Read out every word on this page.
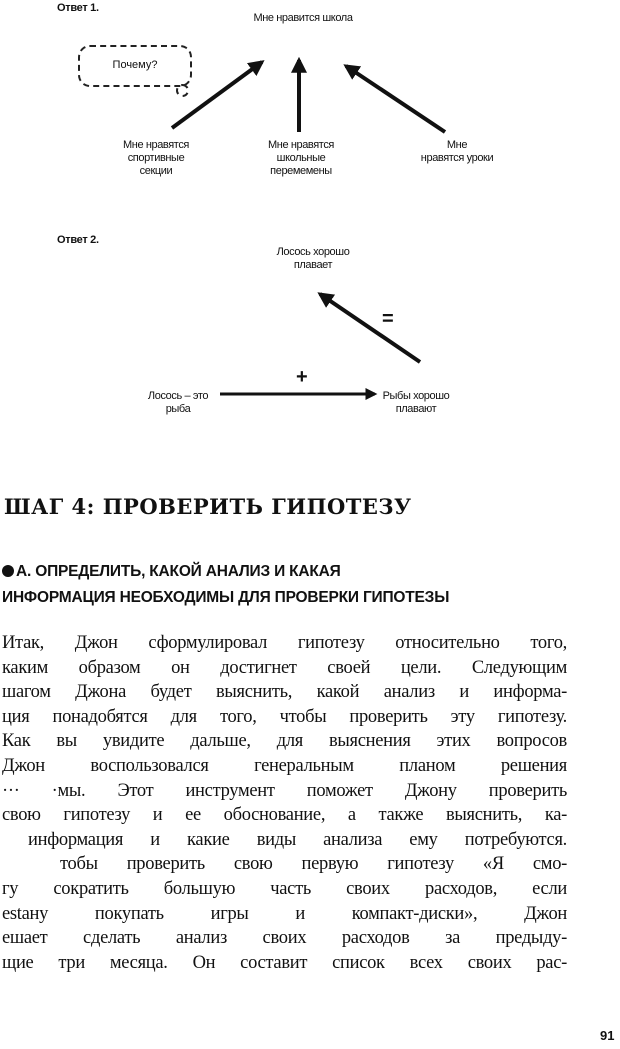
Ответ 1.
Мне нравится школа
Почему?
Мне нравятся
спортивные
секции
Мне нравятся
школьные
перемемены
Мне
нравятся уроки
Ответ 2.
Лосось хорошо
плавает
=
+
Лосось – это
рыба
Рыбы хорошо
плавают
ШАГ 4: ПРОВЕРИТЬ ГИПОТЕЗУ
А. ОПРЕДЕЛИТЬ, КАКОЙ АНАЛИЗ И КАКАЯ
ИНФОРМАЦИЯ НЕОБХОДИМЫ ДЛЯ ПРОВЕРКИ ГИПОТЕЗЫ
Итак, Джон сформулировал гипотезу относительно того,
каким образом он достигнет своей цели. Следующим
шагом Джона будет выяснить, какой анализ и информа-
ция понадобятся для того, чтобы проверить эту гипотезу.
Как вы увидите дальше, для выяснения этих вопросов
Джон воспользовался генеральным планом решения
··· ·мы. Этот инструмент поможет Джону проверить
свою гипотезу и ее обоснование, а также выяснить, ка-
информация и какие виды анализа ему потребуются.
тобы проверить свою первую гипотезу «Я смо-
гу сократить большую часть своих расходов, если
estaну покупать игры и компакт-диски», Джон
ешает сделать анализ своих расходов за предыду-
щие три месяца. Он составит список всех своих рас-
91
